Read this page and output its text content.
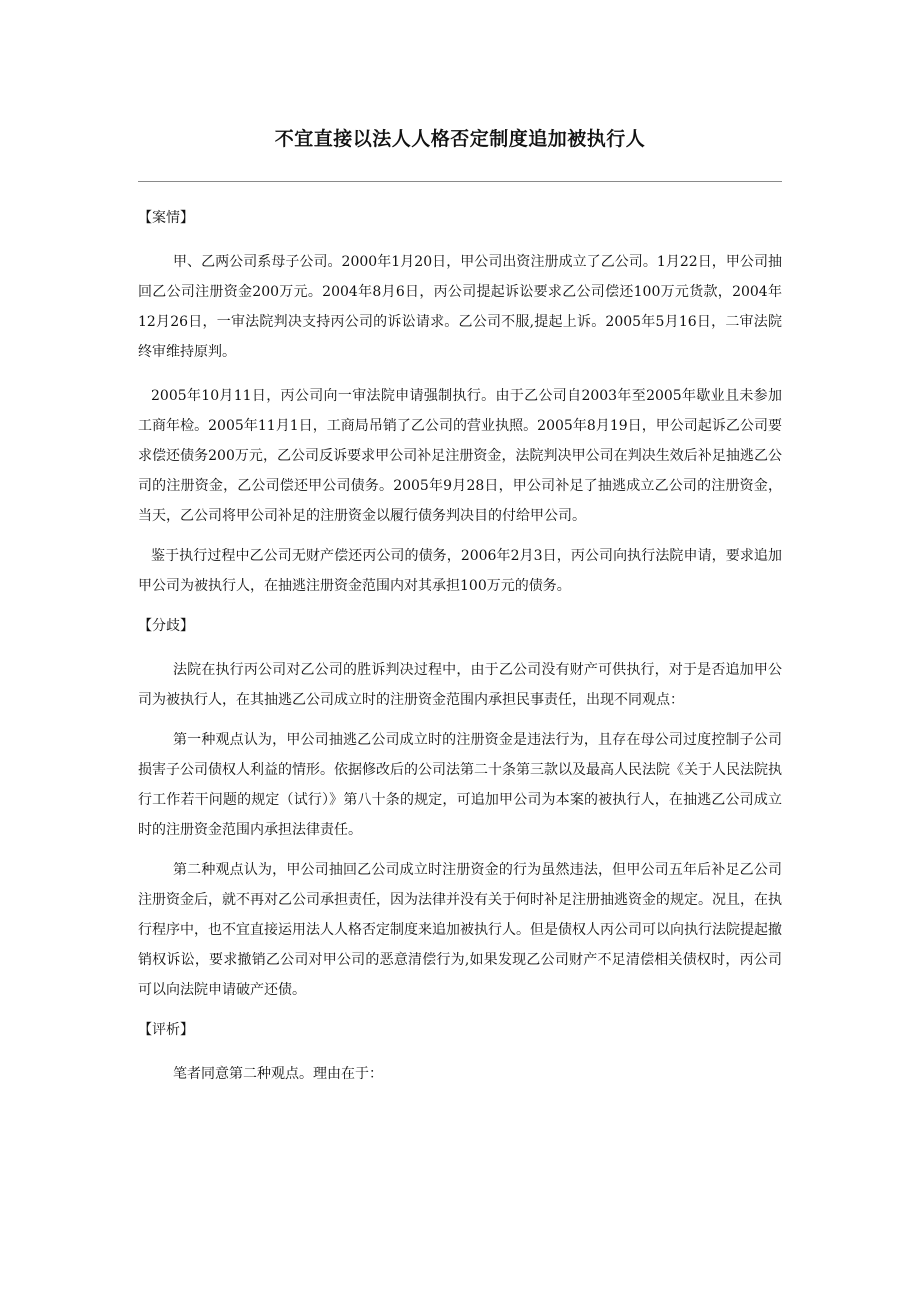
不宜直接以法人人格否定制度追加被执行人

【案情】

甲、乙两公司系母子公司。2000年1月20日，甲公司出资注册成立了乙公司。1月22日，甲公司抽回乙公司注册资金200万元。2004年8月6日，丙公司提起诉讼要求乙公司偿还100万元货款，2004年12月26日，一审法院判决支持丙公司的诉讼请求。乙公司不服,提起上诉。2005年5月16日，二审法院终审维持原判。

2005年10月11日，丙公司向一审法院申请强制执行。由于乙公司自2003年至2005年歇业且未参加工商年检。2005年11月1日，工商局吊销了乙公司的营业执照。2005年8月19日，甲公司起诉乙公司要求偿还债务200万元，乙公司反诉要求甲公司补足注册资金，法院判决甲公司在判决生效后补足抽逃乙公司的注册资金，乙公司偿还甲公司债务。2005年9月28日，甲公司补足了抽逃成立乙公司的注册资金，当天，乙公司将甲公司补足的注册资金以履行债务判决目的付给甲公司。

鉴于执行过程中乙公司无财产偿还丙公司的债务，2006年2月3日，丙公司向执行法院申请，要求追加甲公司为被执行人，在抽逃注册资金范围内对其承担100万元的债务。

【分歧】

法院在执行丙公司对乙公司的胜诉判决过程中，由于乙公司没有财产可供执行，对于是否追加甲公司为被执行人，在其抽逃乙公司成立时的注册资金范围内承担民事责任，出现不同观点：

第一种观点认为，甲公司抽逃乙公司成立时的注册资金是违法行为，且存在母公司过度控制子公司损害子公司债权人利益的情形。依据修改后的公司法第二十条第三款以及最高人民法院《关于人民法院执行工作若干问题的规定（试行）》第八十条的规定，可追加甲公司为本案的被执行人，在抽逃乙公司成立时的注册资金范围内承担法律责任。

第二种观点认为，甲公司抽回乙公司成立时注册资金的行为虽然违法，但甲公司五年后补足乙公司注册资金后，就不再对乙公司承担责任，因为法律并没有关于何时补足注册抽逃资金的规定。况且，在执行程序中，也不宜直接运用法人人格否定制度来追加被执行人。但是债权人丙公司可以向执行法院提起撤销权诉讼，要求撤销乙公司对甲公司的恶意清偿行为,如果发现乙公司财产不足清偿相关债权时，丙公司可以向法院申请破产还债。

【评析】

笔者同意第二种观点。理由在于：
